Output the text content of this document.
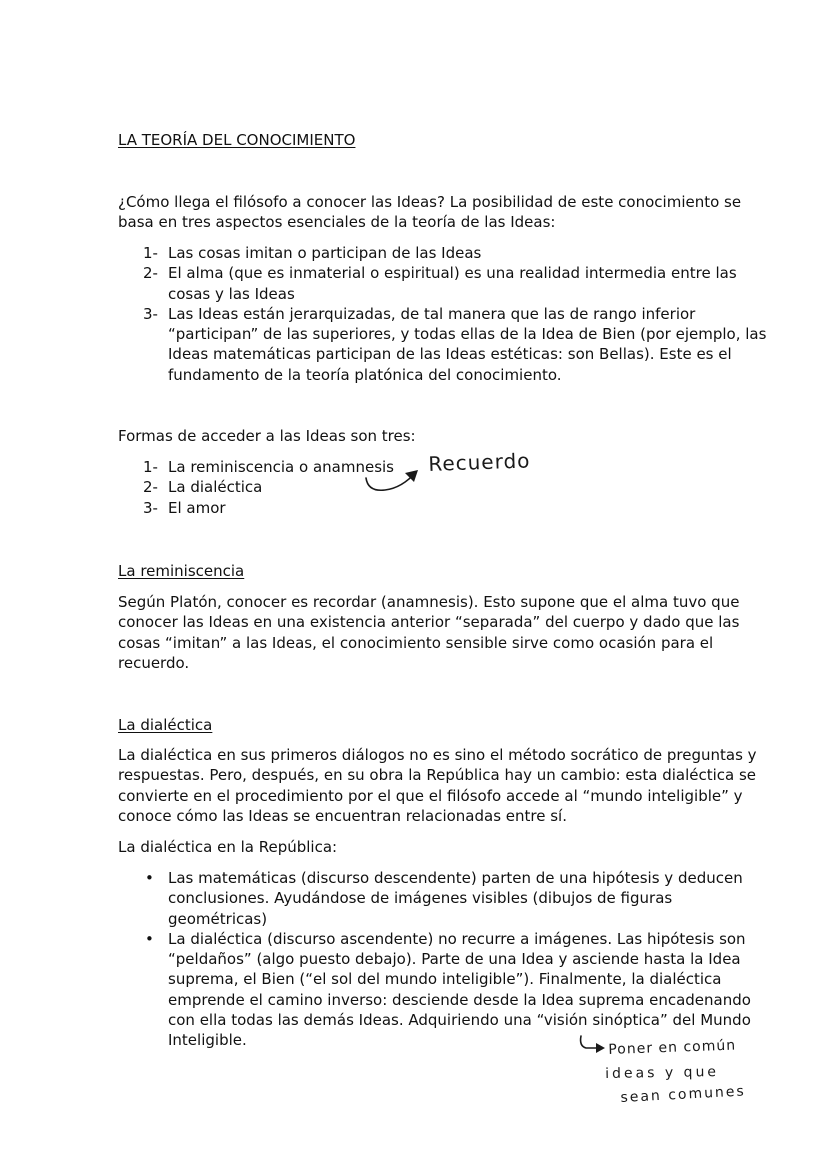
LA TEORÍA DEL CONOCIMIENTO

¿Cómo llega el filósofo a conocer las Ideas? La posibilidad de este conocimiento se basa en tres aspectos esenciales de la teoría de las Ideas:

1- Las cosas imitan o participan de las Ideas
2- El alma (que es inmaterial o espiritual) es una realidad intermedia entre las cosas y las Ideas
3- Las Ideas están jerarquizadas, de tal manera que las de rango inferior “participan” de las superiores, y todas ellas de la Idea de Bien (por ejemplo, las Ideas matemáticas participan de las Ideas estéticas: son Bellas). Este es el fundamento de la teoría platónica del conocimiento.

Formas de acceder a las Ideas son tres:

1- La reminiscencia o anamnesis
2- La dialéctica
3- El amor
La reminiscencia

Según Platón, conocer es recordar (anamnesis). Esto supone que el alma tuvo que conocer las Ideas en una existencia anterior “separada” del cuerpo y dado que las cosas “imitan” a las Ideas, el conocimiento sensible sirve como ocasión para el recuerdo.

La dialéctica

La dialéctica en sus primeros diálogos no es sino el método socrático de preguntas y respuestas. Pero, después, en su obra la República hay un cambio: esta dialéctica se convierte en el procedimiento por el que el filósofo accede al “mundo inteligible” y conoce cómo las Ideas se encuentran relacionadas entre sí.

La dialéctica en la República:

• Las matemáticas (discurso descendente) parten de una hipótesis y deducen conclusiones. Ayudándose de imágenes visibles (dibujos de figuras geométricas)
• La dialéctica (discurso ascendente) no recurre a imágenes. Las hipótesis son “peldaños” (algo puesto debajo). Parte de una Idea y asciende hasta la Idea suprema, el Bien (“el sol del mundo inteligible”). Finalmente, la dialéctica emprende el camino inverso: desciende desde la Idea suprema encadenando con ella todas las demás Ideas. Adquiriendo una “visión sinóptica” del Mundo Inteligible.
Recuerdo
Poner en común
ideas y que
sean comunes
